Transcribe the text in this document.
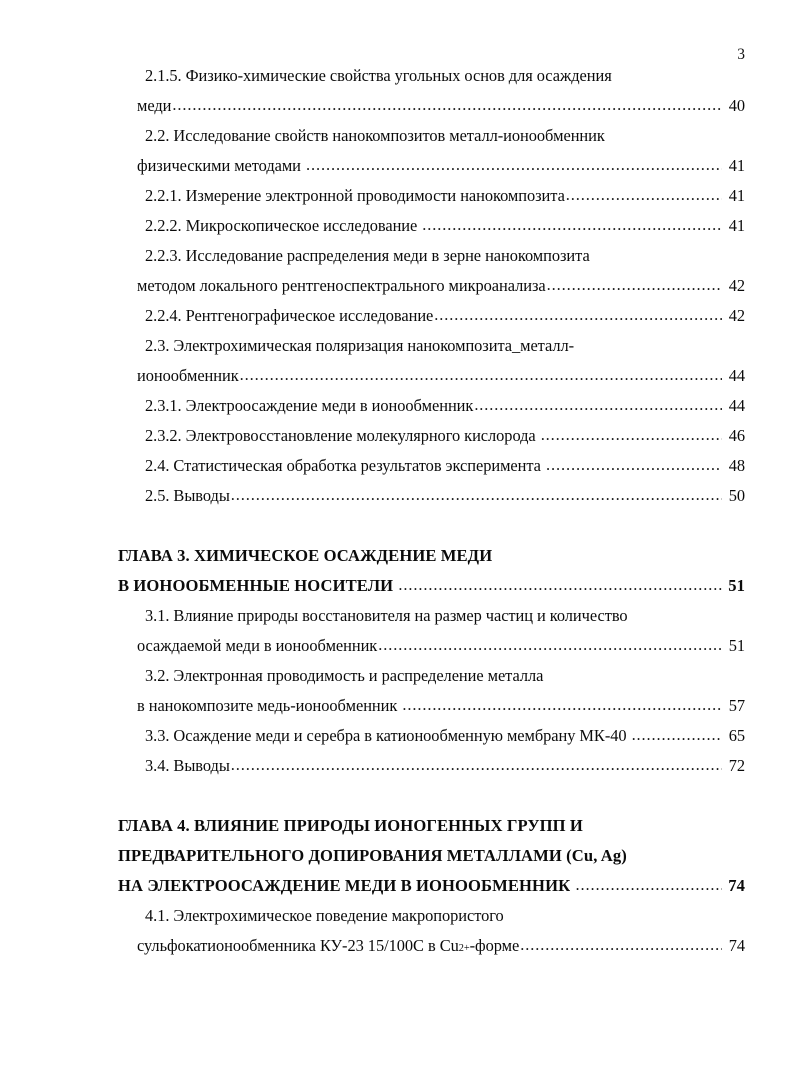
3
2.1.5. Физико-химические свойства угольных основ для осаждения
меди .....	40
2.2. Исследование свойств нанокомпозитов металл-ионообменник
физическими методами .....	41
2.2.1. Измерение электронной проводимости нанокомпозита .....	41
2.2.2. Микроскопическое исследование .....	41
2.2.3. Исследование распределения меди в зерне нанокомпозита
методом локального рентгеноспектрального микроанализа .....	42
2.2.4. Рентгенографическое исследование .....	42
2.3. Электрохимическая поляризация нанокомпозита_металл-
ионообменник .....	44
2.3.1. Электроосаждение меди в ионообменник .....	44
2.3.2. Электровосстановление молекулярного кислорода .....	46
2.4. Статистическая обработка результатов эксперимента .....	48
2.5. Выводы .....	50
ГЛАВА 3. ХИМИЧЕСКОЕ ОСАЖДЕНИЕ МЕДИ
В ИОНООБМЕННЫЕ НОСИТЕЛИ .....	51
3.1. Влияние природы восстановителя на размер частиц и количество
осаждаемой меди в ионообменник .....	51
3.2. Электронная проводимость и распределение металла
в нанокомпозите медь-ионообменник .....	57
3.3. Осаждение меди и серебра в катионообменную мембрану МК-40 .....	65
3.4. Выводы .....	72
ГЛАВА 4. ВЛИЯНИЕ ПРИРОДЫ ИОНОГЕННЫХ ГРУПП И
ПРЕДВАРИТЕЛЬНОГО ДОПИРОВАНИЯ МЕТАЛЛАМИ (Cu, Ag)
НА ЭЛЕКТРООСАЖДЕНИЕ МЕДИ В ИОНООБМЕННИК .....	74
4.1. Электрохимическое поведение макропористого
сульфокатионообменника КУ-23 15/100С в Cu 2+ -форме .....	74
